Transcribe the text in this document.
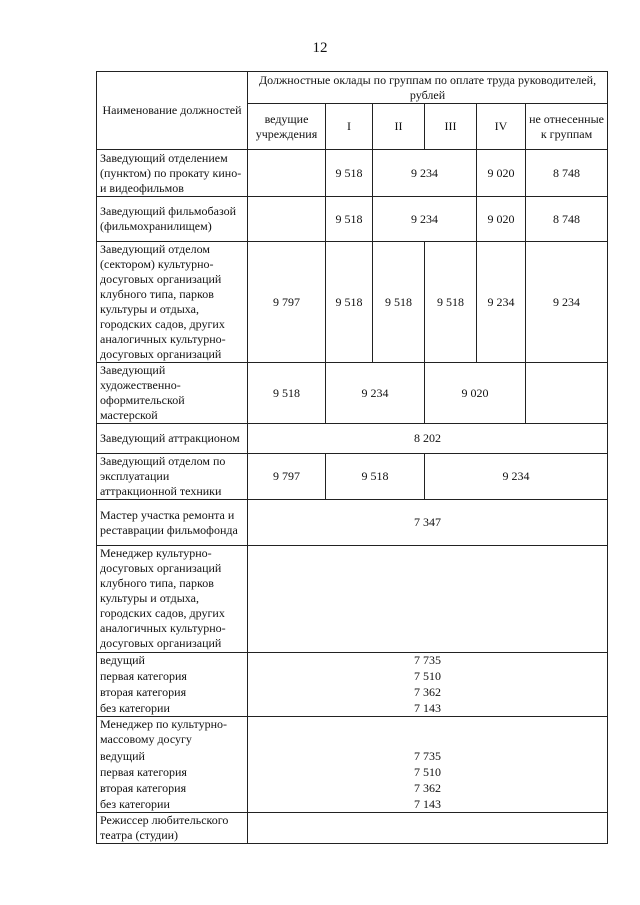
12
Наименование должностей	Должностные оклады по группам по оплате труда руководителей, рублей					
	ведущие учреждения	I	II	III	IV	не отнесенные к группам
Заведующий отделением (пунктом) по прокату кино- и видеофильмов		9 518	9 234		9 020	8 748
Заведующий фильмобазой (фильмохранилищем)		9 518	9 234		9 020	8 748
Заведующий отделом (сектором) культурно-досуговых организаций клубного типа, парков культуры и отдыха, городских садов, других аналогичных культурно-досуговых организаций	9 797	9 518	9 518	9 518	9 234	9 234
Заведующий художественно-оформительской мастерской	9 518	9 234		9 020		
Заведующий аттракционом	8 202					
Заведующий отделом по эксплуатации аттракционной техники	9 797	9 518		9 234		
Мастер участка ремонта и реставрации фильмофонда	7 347					
Менеджер культурно-досуговых организаций клубного типа, парков культуры и отдыха, городских садов, других аналогичных культурно-досуговых организаций						
ведущий	7 735					
первая категория	7 510					
вторая категория	7 362					
без категории	7 143					
Менеджер по культурно-массовому досугу						
ведущий	7 735					
первая категория	7 510					
вторая категория	7 362					
без категории	7 143					
Режиссер любительского театра (студии)						
